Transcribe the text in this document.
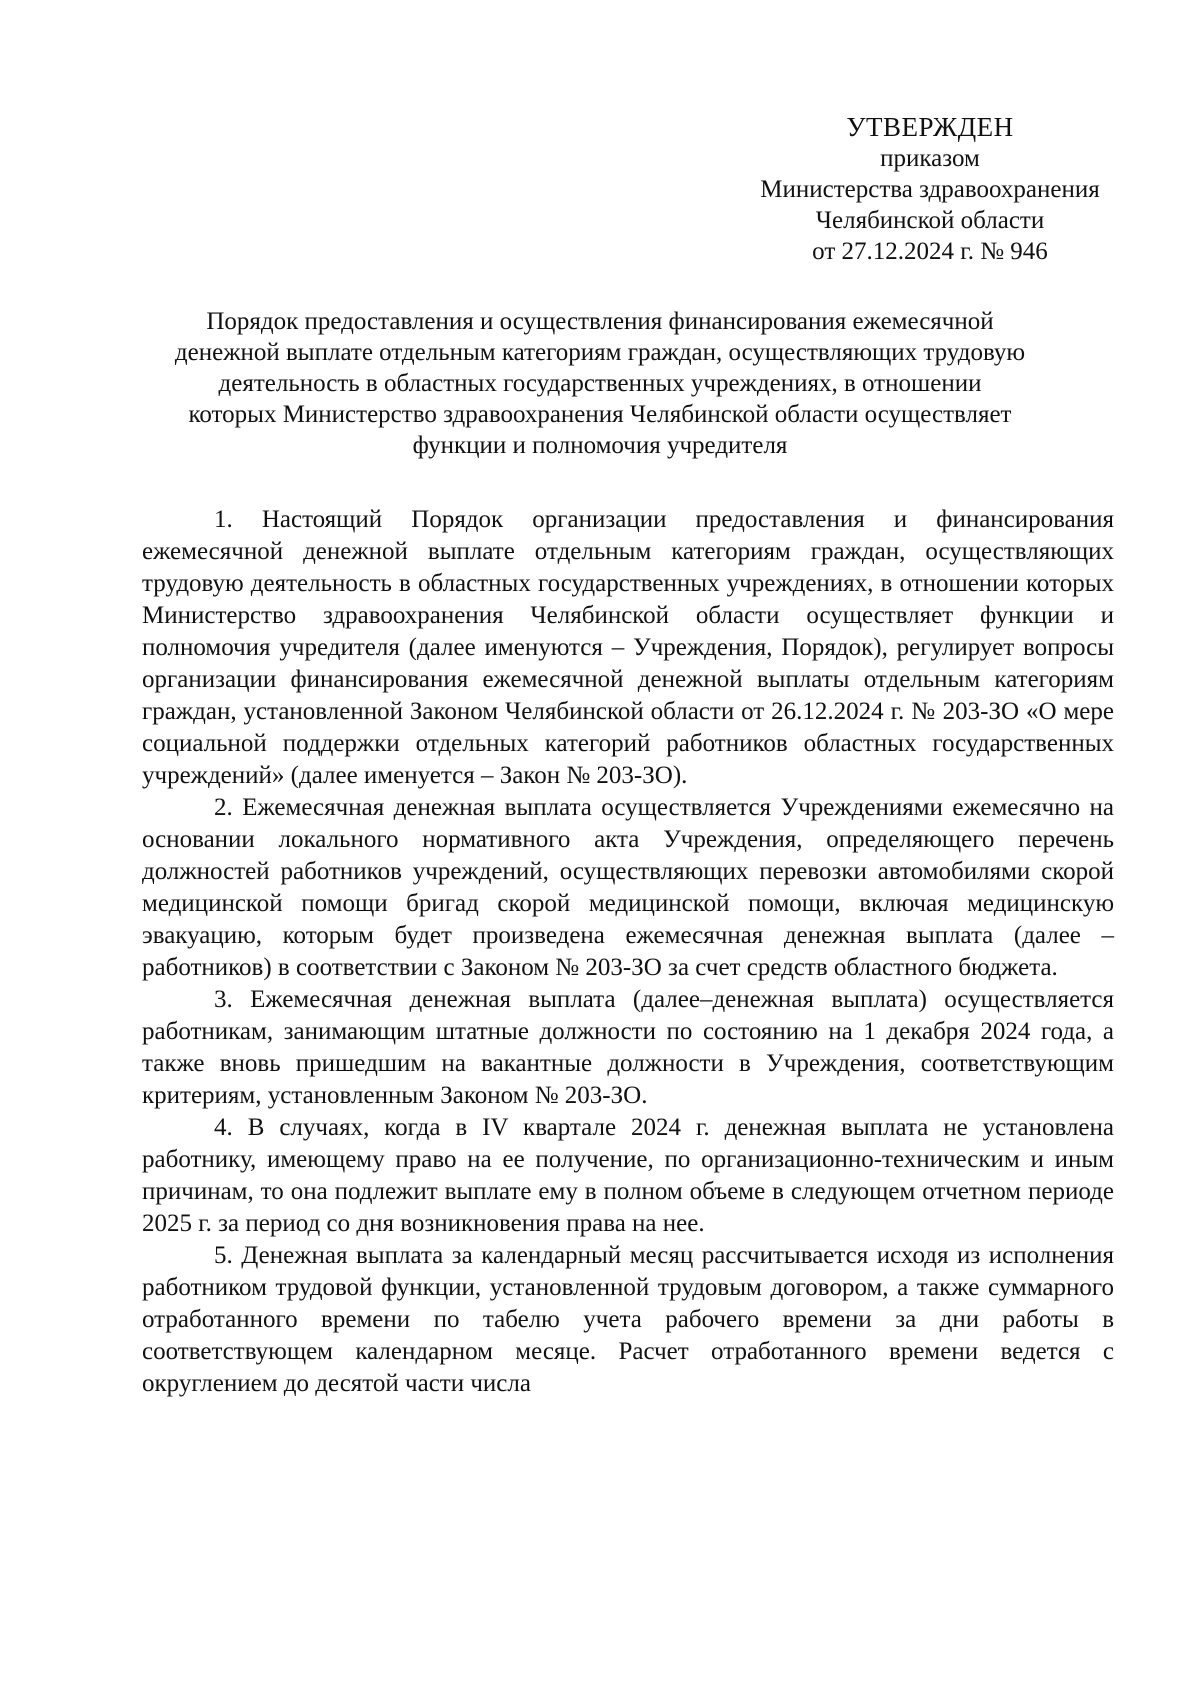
УТВЕРЖДЕН
приказом
Министерства здравоохранения
Челябинской области
от 27.12.2024 г. № 946
Порядок предоставления и осуществления финансирования ежемесячной
денежной выплате отдельным категориям граждан, осуществляющих трудовую
деятельность в областных государственных учреждениях, в отношении
которых Министерство здравоохранения Челябинской области осуществляет
функции и полномочия учредителя

1. Настоящий Порядок организации предоставления и финансирования ежемесячной денежной выплате отдельным категориям граждан, осуществляющих трудовую деятельность в областных государственных учреждениях, в отношении которых Министерство здравоохранения Челябинской области осуществляет функции и полномочия учредителя (далее именуются – Учреждения, Порядок), регулирует вопросы организации финансирования ежемесячной денежной выплаты отдельным категориям граждан, установленной Законом Челябинской области от 26.12.2024 г. № 203-ЗО «О мере социальной поддержки отдельных категорий работников областных государственных учреждений» (далее именуется – Закон № 203-ЗО).

2. Ежемесячная денежная выплата осуществляется Учреждениями ежемесячно на основании локального нормативного акта Учреждения, определяющего перечень должностей работников учреждений, осуществляющих перевозки автомобилями скорой медицинской помощи бригад скорой медицинской помощи, включая медицинскую эвакуацию, которым будет произведена ежемесячная денежная выплата (далее – работников) в соответствии с Законом № 203-ЗО за счет средств областного бюджета.

3. Ежемесячная денежная выплата (далее–денежная выплата) осуществляется работникам, занимающим штатные должности по состоянию на 1 декабря 2024 года, а также вновь пришедшим на вакантные должности в Учреждения, соответствующим критериям, установленным Законом № 203-ЗО.

4. В случаях, когда в IV квартале 2024 г. денежная выплата не установлена работнику, имеющему право на ее получение, по организационно-техническим и иным причинам, то она подлежит выплате ему в полном объеме в следующем отчетном периоде 2025 г. за период со дня возникновения права на нее.

5. Денежная выплата за календарный месяц рассчитывается исходя из исполнения работником трудовой функции, установленной трудовым договором, а также суммарного отработанного времени по табелю учета рабочего времени за дни работы в соответствующем календарном месяце. Расчет отработанного времени ведется с округлением до десятой части числа
